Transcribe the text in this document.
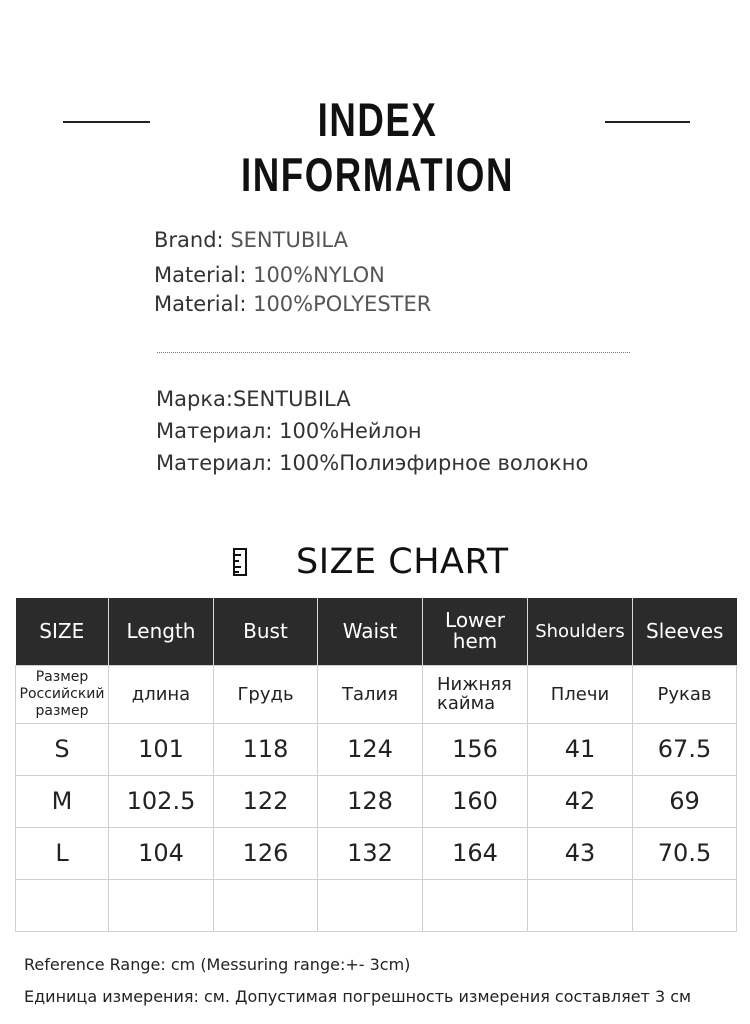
INDEX INFORMATION
Brand: SENTUBILA
Material: 100%NYLON
Material: 100%POLYESTER
Марка:SENTUBILA
Материал: 100%Нейлон
Материал: 100%Полиэфирное волокно
SIZE CHART
SIZE	Length	Bust	Waist	Lower hem	Shoulders	Sleeves
Размер Российский размер	длина	Грудь	Талия	Нижняя кайма	Плечи	Рукав
S	101	118	124	156	41	67.5
M	102.5	122	128	160	42	69
L	104	126	132	164	43	70.5

Reference Range: cm (Messuring range:+- 3cm)
Единица измерения: см. Допустимая погрешность измерения составляет 3 см
